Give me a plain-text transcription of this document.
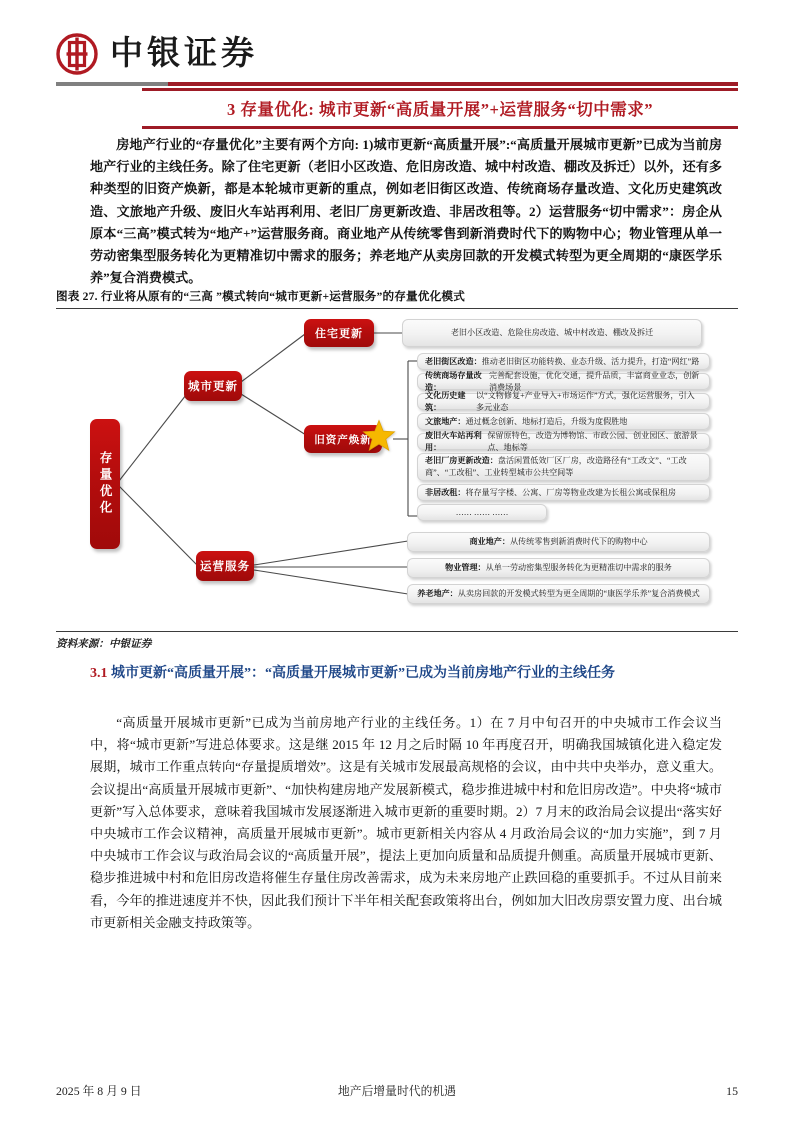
中银证券
3 存量优化: 城市更新“高质量开展”+运营服务“切中需求”

房地产行业的“存量优化”主要有两个方向: 1)城市更新“高质量开展”:“高质量开展城市更新”已成为当前房地产行业的主线任务。除了住宅更新（老旧小区改造、危旧房改造、城中村改造、棚改及拆迁）以外，还有多种类型的旧资产焕新，都是本轮城市更新的重点，例如老旧街区改造、传统商场存量改造、文化历史建筑改造、文旅地产升级、废旧火车站再利用、老旧厂房更新改造、非居改租等。2）运营服务“切中需求”：房企从原本“三高”模式转为“地产+”运营服务商。商业地产从传统零售到新消费时代下的购物中心；物业管理从单一劳动密集型服务转化为更精准切中需求的服务；养老地产从卖房回款的开发模式转型为更全周期的“康医学乐养”复合消费模式。

图表 27. 行业将从原有的“三高 ”模式转向“城市更新+运营服务”的存量优化模式
存量优化
城市更新
运营服务
住宅更新
旧资产焕新
老旧小区改造、危险住房改造、城中村改造、棚改及拆迁
老旧街区改造： 推动老旧街区功能转换、业态升级、活力提升，打造“网红”路
传统商场存量改造：
完善配套设施，优化交通，提升品质，丰富商业业态，创新消费场景
文化历史建筑：
以“文物修复+产业导入+市场运作”方式，强化运营服务，引入多元业态
文旅地产： 通过概念创新、地标打造后，升级为度假胜地
废旧火车站再利用：
保留原特色，改造为博物馆、市政公园、创业园区、旅游景点、地标等
老旧厂房更新改造：盘活闲置低效厂区厂房，改造路径有“工改文”、“工改商”、“工改租”、工业转型城市公共空间等
非居改租： 将存量写字楼、公寓、厂房等物业改建为长租公寓或保租房
…… …… ……
商业地产：从传统零售到新消费时代下的购物中心
物业管理：从单一劳动密集型服务转化为更精准切中需求的服务
养老地产：从卖房回款的开发模式转型为更全周期的“康医学乐养”复合消费模式
资料来源：中银证券
3.1 城市更新“高质量开展”：“高质量开展城市更新”已成为当前房地产行业的主线任务

“高质量开展城市更新”已成为当前房地产行业的主线任务。1）在 7 月中旬召开的中央城市工作会议当中，将“城市更新”写进总体要求。这是继 2015 年 12 月之后时隔 10 年再度召开，明确我国城镇化进入稳定发展期，城市工作重点转向“存量提质增效”。这是有关城市发展最高规格的会议，由中共中央举办，意义重大。会议提出“高质量开展城市更新”、“加快构建房地产发展新模式，稳步推进城中村和危旧房改造”。中央将“城市更新”写入总体要求，意味着我国城市发展逐渐进入城市更新的重要时期。2）7 月末的政治局会议提出“落实好中央城市工作会议精神，高质量开展城市更新”。城市更新相关内容从 4 月政治局会议的“加力实施”，到 7 月中央城市工作会议与政治局会议的“高质量开展”，提法上更加向质量和品质提升侧重。高质量开展城市更新、稳步推进城中村和危旧房改造将催生存量住房改善需求，成为未来房地产止跌回稳的重要抓手。不过从目前来看，今年的推进速度并不快，因此我们预计下半年相关配套政策将出台，例如加大旧改房票安置力度、出台城市更新相关金融支持政策等。

2025 年 8 月 9 日	地产后增量时代的机遇	15
